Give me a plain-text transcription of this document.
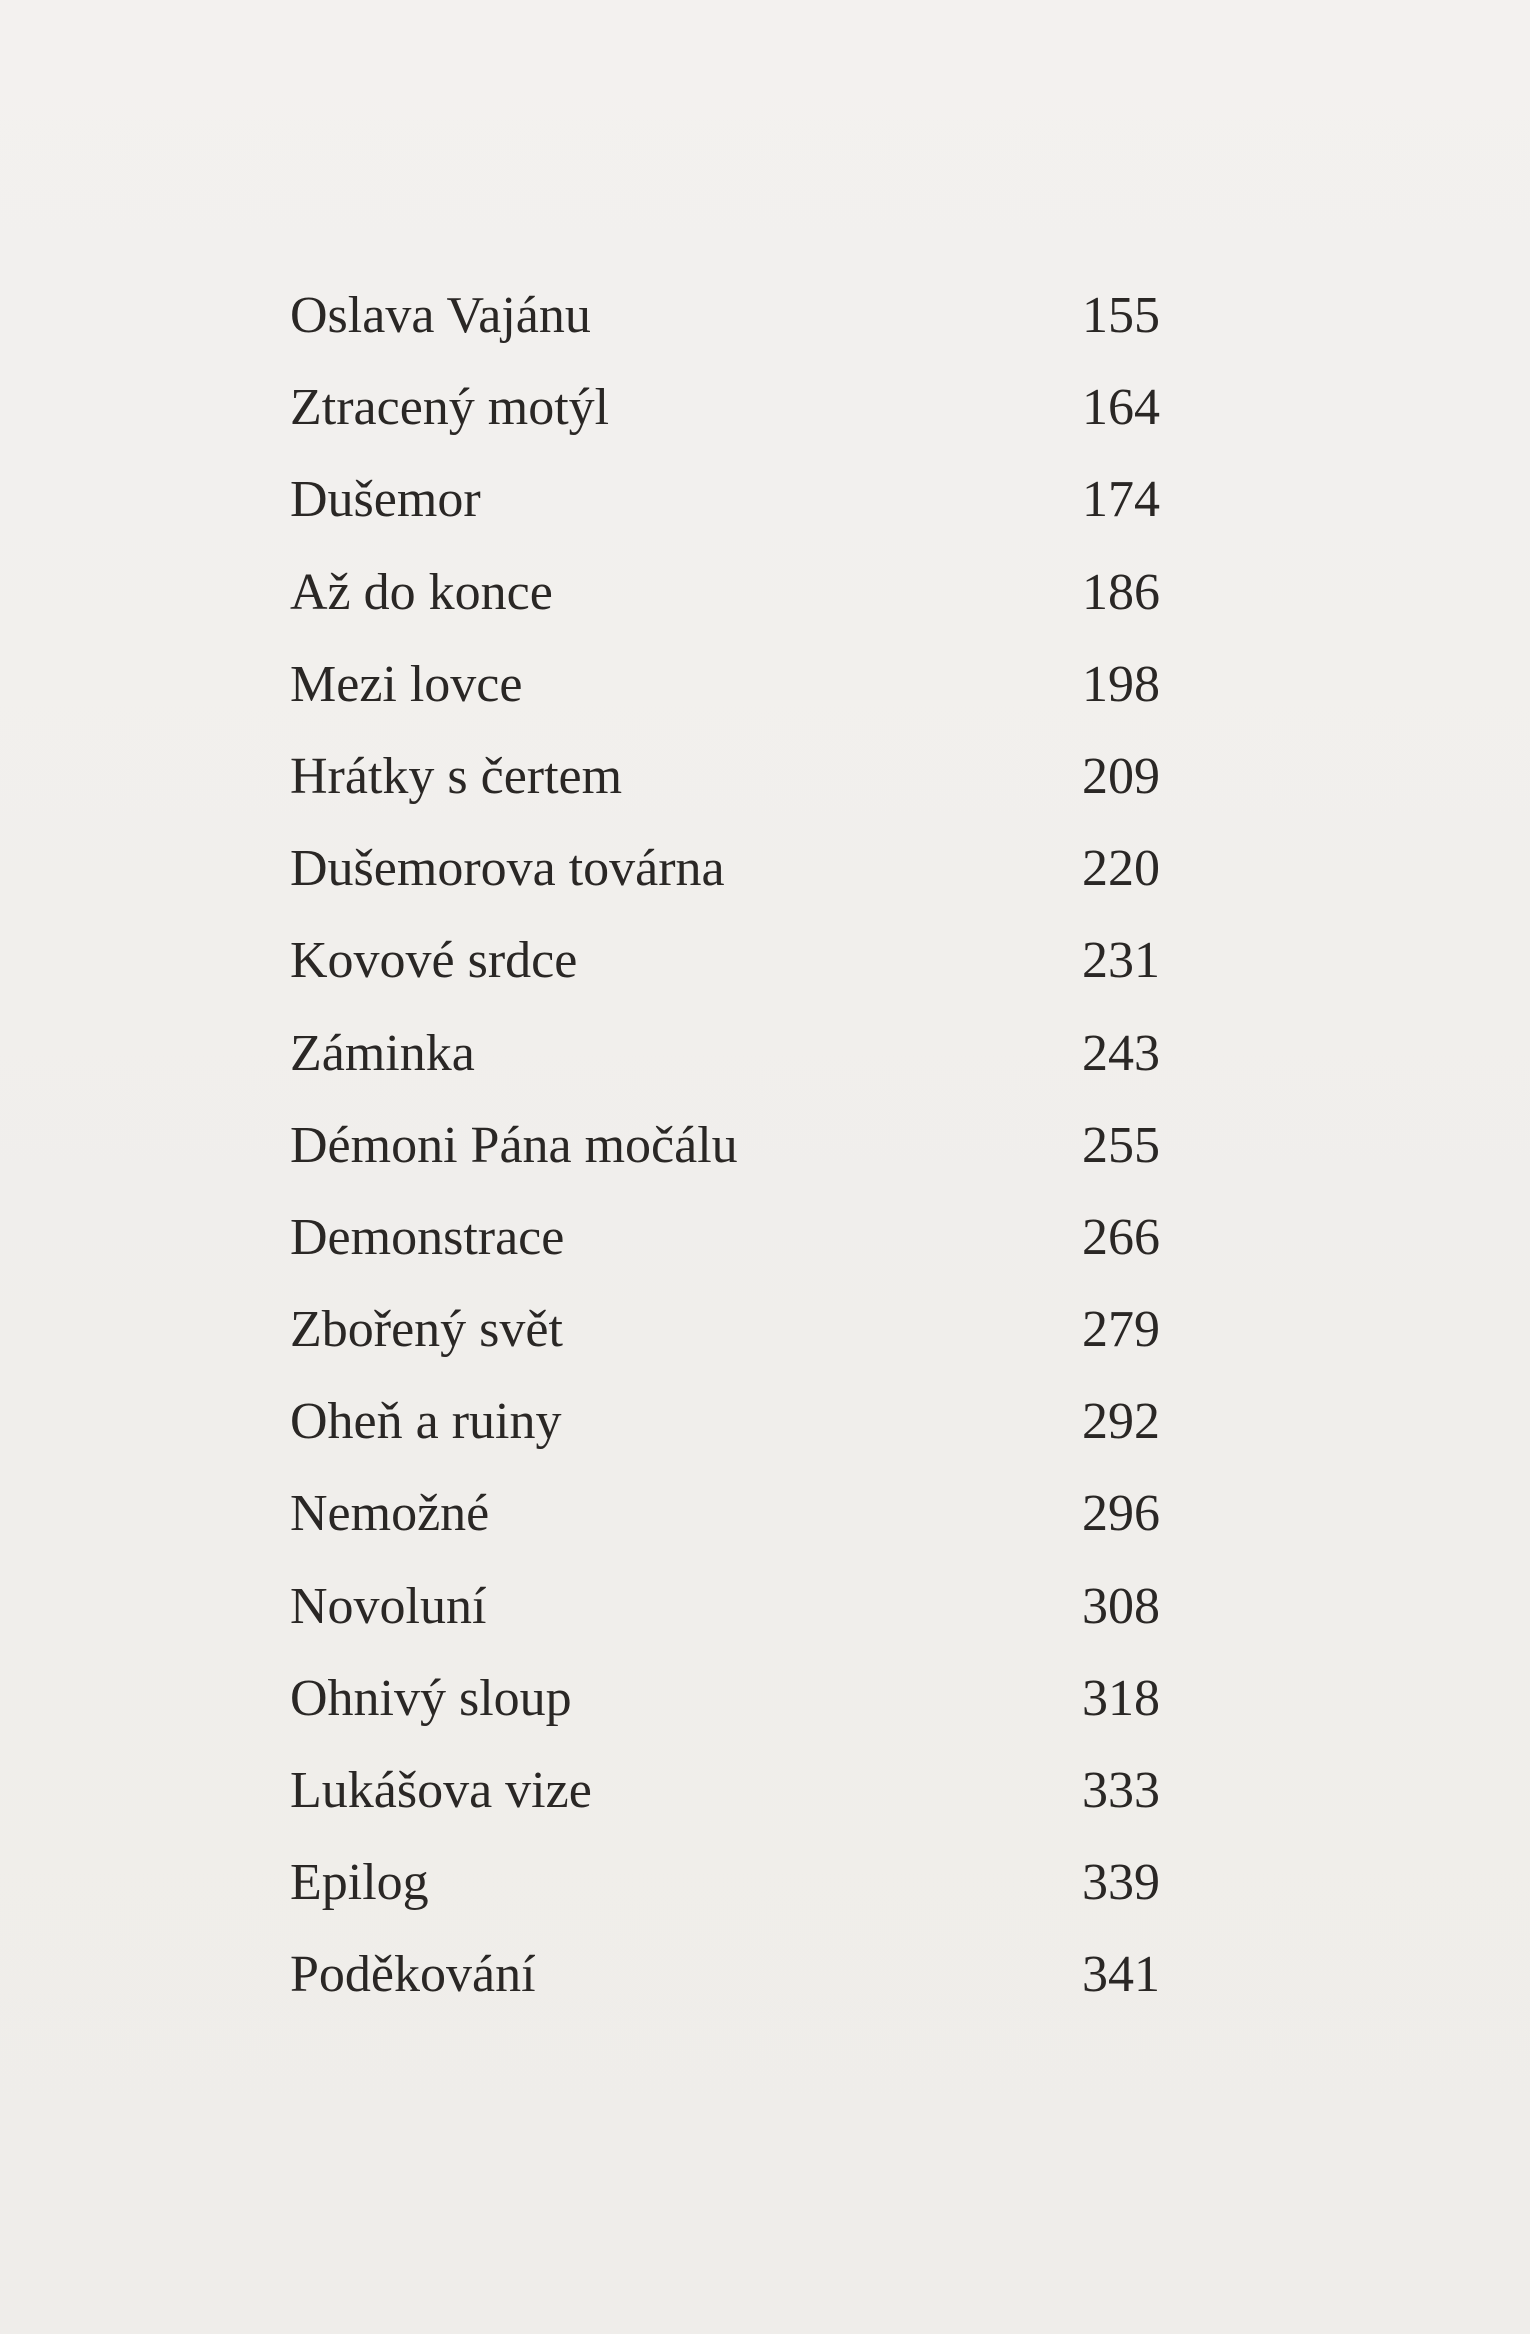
Oslava Vajánu	155
Ztracený motýl	164
Dušemor	174
Až do konce	186
Mezi lovce	198
Hrátky s čertem	209
Dušemorova továrna	220
Kovové srdce	231
Záminka	243
Démoni Pána močálu	255
Demonstrace	266
Zbořený svět	279
Oheň a ruiny	292
Nemožné	296
Novoluní	308
Ohnivý sloup	318
Lukášova vize	333
Epilog	339
Poděkování	341
